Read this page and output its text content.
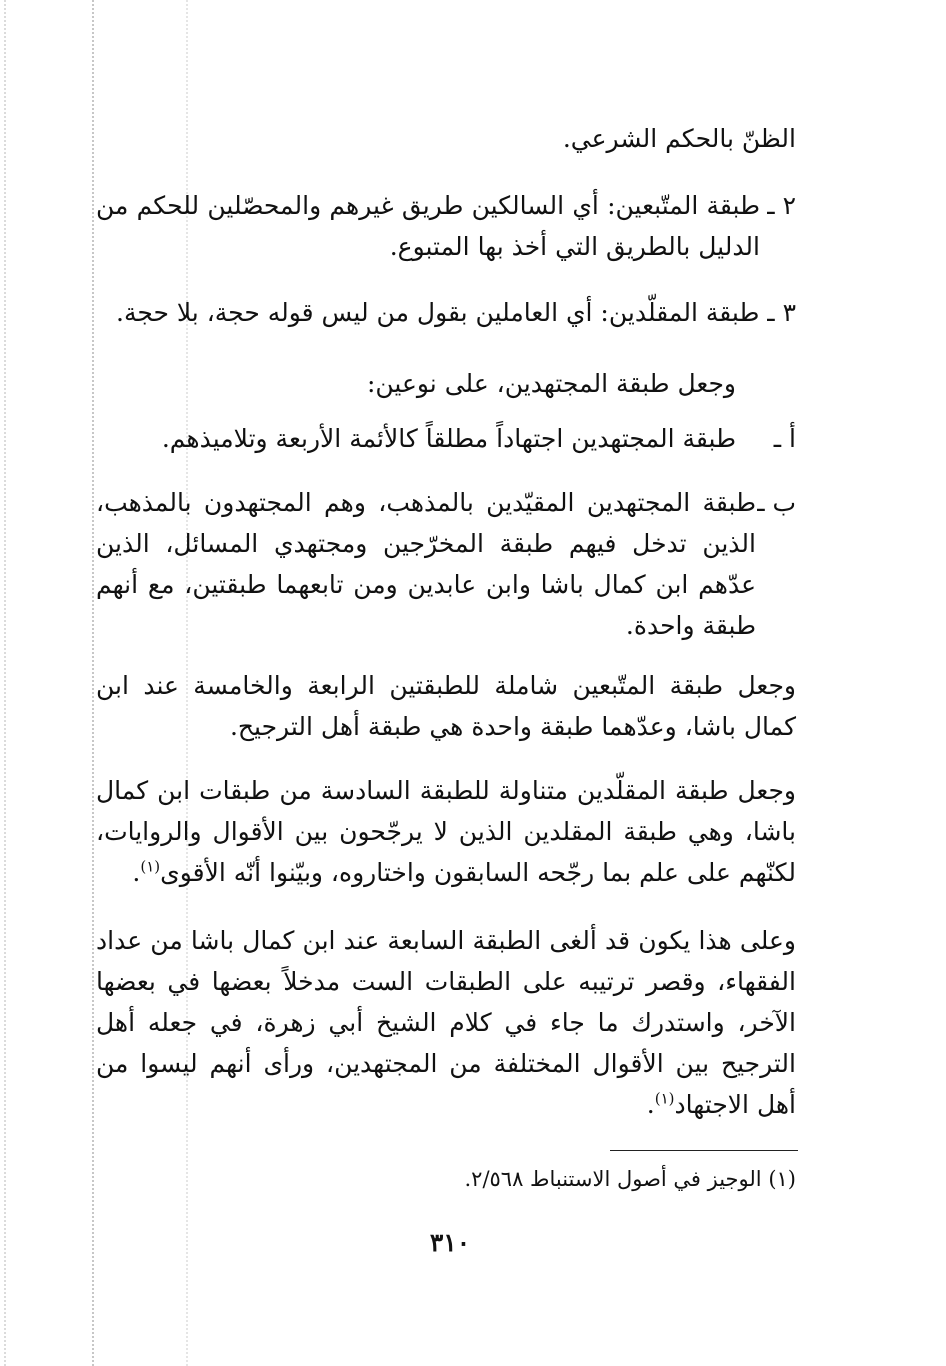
الظنّ بالحكم الشرعي.
٢ ـ
طبقة المتّبعين: أي السالكين طريق غيرهم والمحصّلين للحكم من الدليل بالطريق التي أخذ بها المتبوع.
٣ ـ طبقة المقلّدين: أي العاملين بقول من ليس قوله حجة، بلا حجة.
وجعل طبقة المجتهدين، على نوعين:
أ ـ
طبقة المجتهدين اجتهاداً مطلقاً كالأئمة الأربعة وتلاميذهم.
ب ـ
طبقة المجتهدين المقيّدين بالمذهب، وهم المجتهدون بالمذهب، الذين تدخل فيهم طبقة المخرّجين ومجتهدي المسائل، الذين عدّهم ابن كمال باشا وابن عابدين ومن تابعهما طبقتين، مع أنهم طبقة واحدة.
وجعل طبقة المتّبعين شاملة للطبقتين الرابعة والخامسة عند ابن كمال باشا، وعدّهما طبقة واحدة هي طبقة أهل الترجيح.
وجعل طبقة المقلّدين متناولة للطبقة السادسة من طبقات ابن كمال باشا، وهي طبقة المقلدين الذين لا يرجّحون بين الأقوال والروايات، لكنّهم على علم بما رجّحه السابقون واختاروه، وبيّنوا أنّه الأقوى$^{(١)}$.
وعلى هذا يكون قد ألغى الطبقة السابعة عند ابن كمال باشا من عداد الفقهاء، وقصر ترتيبه على الطبقات الست مدخلاً بعضها في بعضها الآخر، واستدرك ما جاء في كلام الشيخ أبي زهرة، في جعله أهل الترجيح بين الأقوال المختلفة من المجتهدين، ورأى أنهم ليسوا من أهل الاجتهاد$^{(١)}$.
(١) الوجيز في أصول الاستنباط ٢/٥٦٨.
٣١٠
